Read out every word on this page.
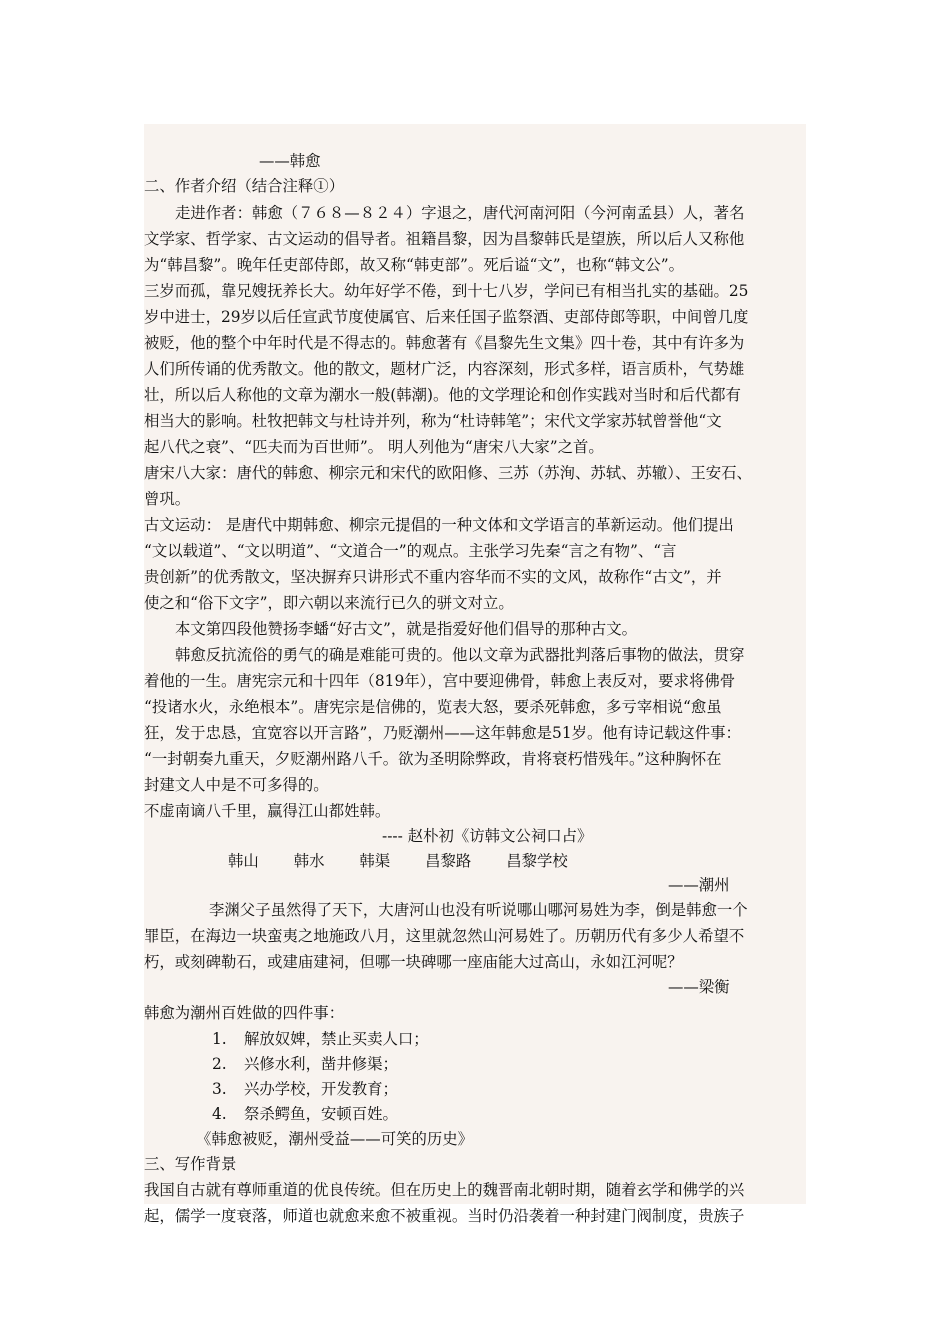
——韩愈
二、作者介绍（结合注释①）
走进作者：韩愈（７６８—８２４）字退之，唐代河南河阳（今河南孟县）人，著名
文学家、哲学家、古文运动的倡导者。祖籍昌黎，因为昌黎韩氏是望族，所以后人又称他
为“韩昌黎”。晚年任吏部侍郎，故又称“韩吏部”。死后谥“文”，也称“韩文公”。
三岁而孤，靠兄嫂抚养长大。幼年好学不倦，到十七八岁，学问已有相当扎实的基础。25
岁中进士，29岁以后任宣武节度使属官、后来任国子监祭酒、吏部侍郎等职，中间曾几度
被贬，他的整个中年时代是不得志的。韩愈著有《昌黎先生文集》四十卷，其中有许多为
人们所传诵的优秀散文。他的散文，题材广泛，内容深刻，形式多样，语言质朴，气势雄
壮，所以后人称他的文章为潮水一般(韩潮)。他的文学理论和创作实践对当时和后代都有
相当大的影响。杜牧把韩文与杜诗并列，称为“杜诗韩笔”；宋代文学家苏轼曾誉他“文
起八代之衰”、“匹夫而为百世师”。 明人列他为“唐宋八大家”之首。
唐宋八大家：唐代的韩愈、柳宗元和宋代的欧阳修、三苏（苏洵、苏轼、苏辙）、王安石、
曾巩。
古文运动： 是唐代中期韩愈、柳宗元提倡的一种文体和文学语言的革新运动。他们提出
“文以载道”、“文以明道”、“文道合一”的观点。主张学习先秦“言之有物”、“言
贵创新”的优秀散文，坚决摒弃只讲形式不重内容华而不实的文风，故称作“古文”，并
使之和“俗下文字”，即六朝以来流行已久的骈文对立。
本文第四段他赞扬李蟠“好古文”，就是指爱好他们倡导的那种古文。
韩愈反抗流俗的勇气的确是难能可贵的。他以文章为武器批判落后事物的做法，贯穿
着他的一生。唐宪宗元和十四年（819年），宫中要迎佛骨，韩愈上表反对，要求将佛骨
“投诸水火，永绝根本”。唐宪宗是信佛的，览表大怒，要杀死韩愈，多亏宰相说“愈虽
狂，发于忠恳，宜宽容以开言路”，乃贬潮州——这年韩愈是51岁。他有诗记载这件事：
“一封朝奏九重天，夕贬潮州路八千。欲为圣明除弊政，肯将衰朽惜残年。”这种胸怀在
封建文人中是不可多得的。
不虚南谪八千里，赢得江山都姓韩。
---- 赵朴初《访韩文公祠口占》
韩山 韩水 韩渠 昌黎路 昌黎学校
——潮州
李渊父子虽然得了天下，大唐河山也没有听说哪山哪河易姓为李，倒是韩愈一个
罪臣，在海边一块蛮夷之地施政八月，这里就忽然山河易姓了。历朝历代有多少人希望不
朽，或刻碑勒石，或建庙建祠，但哪一块碑哪一座庙能大过高山，永如江河呢？
——梁衡
韩愈为潮州百姓做的四件事：
1. 解放奴婢，禁止买卖人口；
2. 兴修水利，凿井修渠；
3. 兴办学校，开发教育；
4. 祭杀鳄鱼，安顿百姓。
《韩愈被贬，潮州受益——可笑的历史》
三、写作背景
我国自古就有尊师重道的优良传统。但在历史上的魏晋南北朝时期，随着玄学和佛学的兴
起，儒学一度衰落，师道也就愈来愈不被重视。当时仍沿袭着一种封建门阀制度，贵族子
